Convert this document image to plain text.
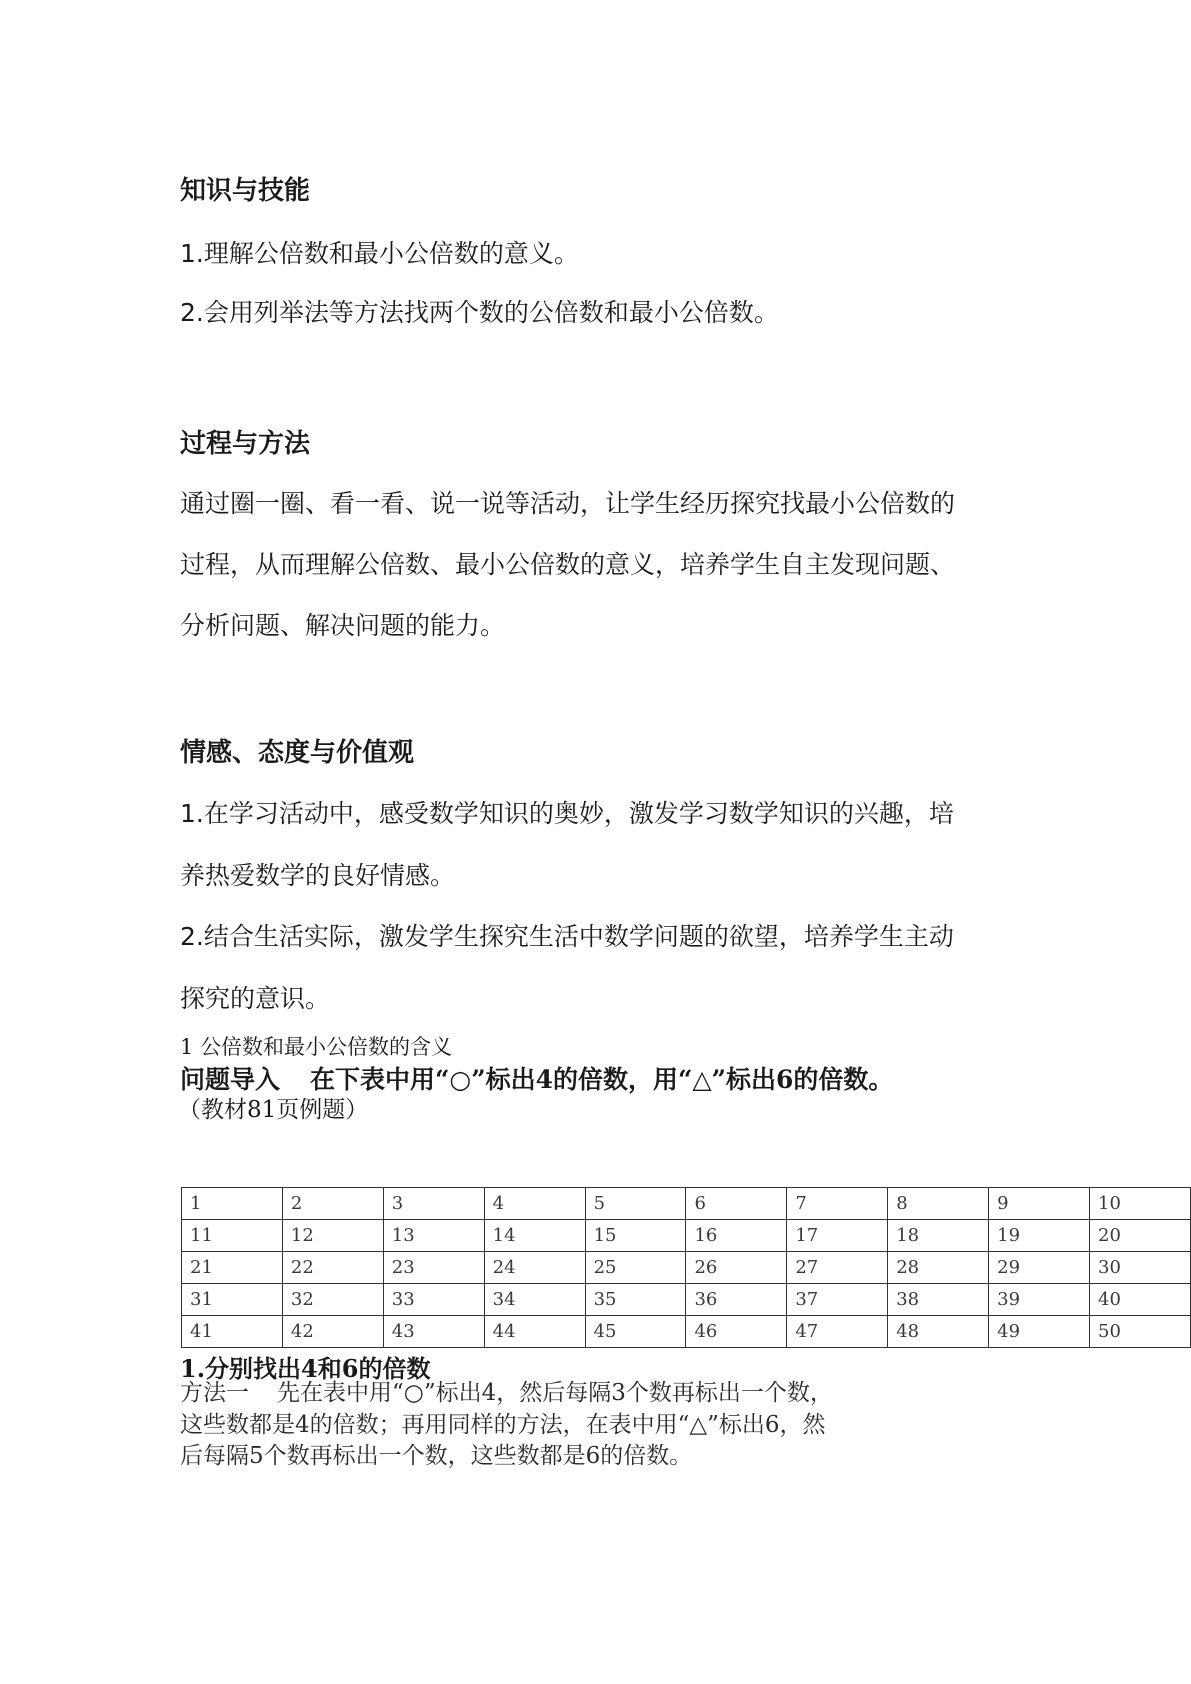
知识与技能
1.理解公倍数和最小公倍数的意义。
2.会用列举法等方法找两个数的公倍数和最小公倍数。
过程与方法
通过圈一圈、看一看、说一说等活动，让学生经历探究找最小公倍数的
过程，从而理解公倍数、最小公倍数的意义，培养学生自主发现问题、
分析问题、解决问题的能力。
情感、态度与价值观
1.在学习活动中，感受数学知识的奥妙，激发学习数学知识的兴趣，培
养热爱数学的良好情感。
2.结合生活实际，激发学生探究生活中数学问题的欲望，培养学生主动
探究的意识。
1 公倍数和最小公倍数的含义
问题导入 在下表中用“○”标出4的倍数，用“△”标出6的倍数。
（教材81页例题）
1	2	3	4	5	6	7	8	9	10
11	12	13	14	15	16	17	18	19	20
21	22	23	24	25	26	27	28	29	30
31	32	33	34	35	36	37	38	39	40
41	42	43	44	45	46	47	48	49	50
1.分别找出4和6的倍数
方法一 先在表中用“○”标出4，然后每隔3个数再标出一个数，
这些数都是4的倍数；再用同样的方法，在表中用“△”标出6，然
后每隔5个数再标出一个数，这些数都是6的倍数。
